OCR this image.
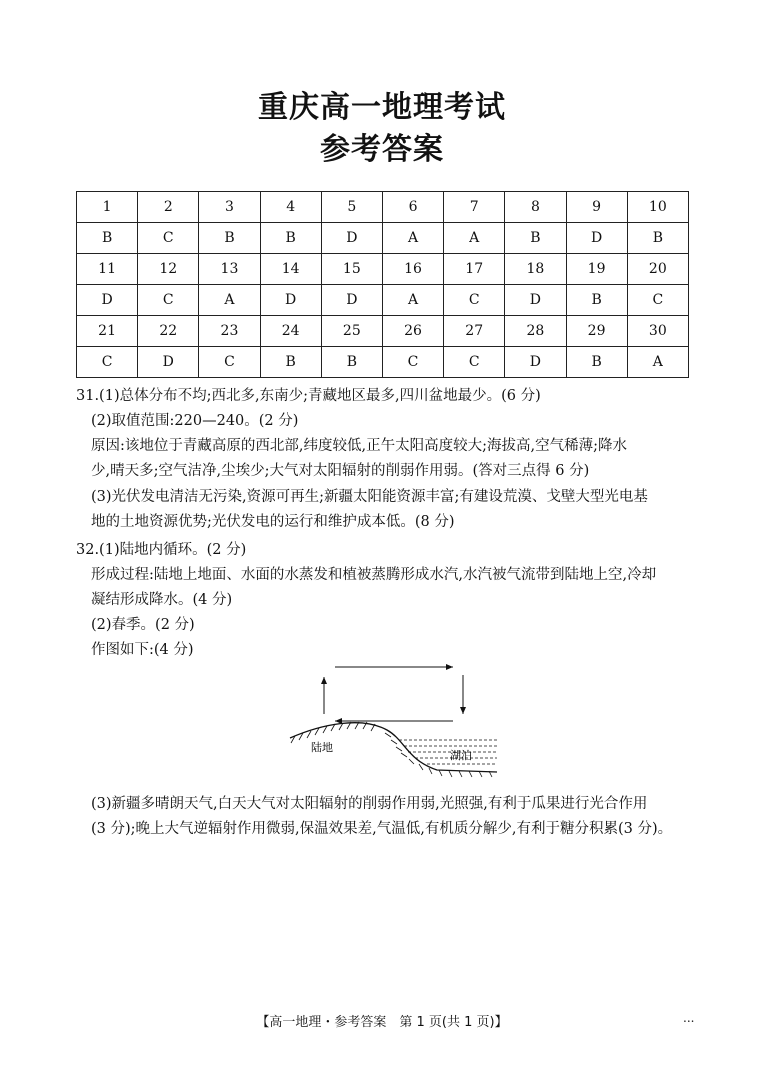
重庆高一地理考试
参考答案
1	2	3	4	5	6	7	8	9	10
B	C	B	B	D	A	A	B	D	B
11	12	13	14	15	16	17	18	19	20
D	C	A	D	D	A	C	D	B	C
21	22	23	24	25	26	27	28	29	30
C	D	C	B	B	C	C	D	B	A
31.(1)总体分布不均;西北多,东南少;青藏地区最多,四川盆地最少。(6 分)
(2)取值范围:220—240。(2 分)
原因:该地位于青藏高原的西北部,纬度较低,正午太阳高度较大;海拔高,空气稀薄;降水
少,晴天多;空气洁净,尘埃少;大气对太阳辐射的削弱作用弱。(答对三点得 6 分)
(3)光伏发电清洁无污染,资源可再生;新疆太阳能资源丰富;有建设荒漠、戈壁大型光电基
地的土地资源优势;光伏发电的运行和维护成本低。(8 分)
32.(1)陆地内循环。(2 分)
形成过程:陆地上地面、水面的水蒸发和植被蒸腾形成水汽,水汽被气流带到陆地上空,冷却
凝结形成降水。(4 分)
(2)春季。(2 分)
作图如下:(4 分)
(3)新疆多晴朗天气,白天大气对太阳辐射的削弱作用弱,光照强,有利于瓜果进行光合作用
(3 分);晚上大气逆辐射作用微弱,保温效果差,气温低,有机质分解少,有利于糖分积累(3 分)。
陆地
湖泊
【高一地理・参考答案　第 1 页(共 1 页)】	...
